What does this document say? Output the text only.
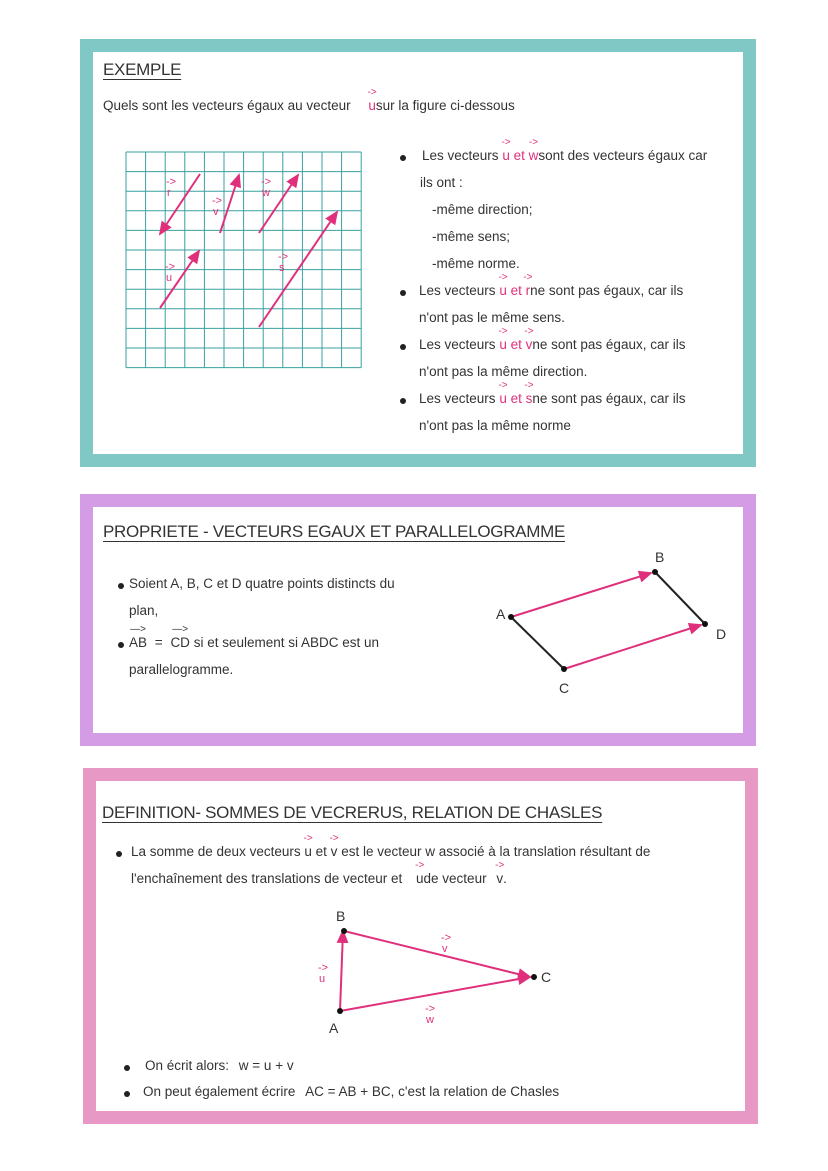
EXEMPLE
Quels sont les vecteurs égaux au vecteur
->
usur la figure ci-dessous
->
r
->
v
->
w
->
u
->
s
Les vecteurs
->
u et
->
wsont des vecteurs égaux car
ils ont :
-même direction;
-même sens;
-même norme.
Les vecteurs
->
u et
->
rne sont pas égaux, car ils
n'ont pas le même sens.
Les vecteurs
->
u et
->
vne sont pas égaux, car ils
n'ont pas la même direction.
Les vecteurs
->
u et
->
sne sont pas égaux, car ils
n'ont pas la même norme
PROPRIETE - VECTEURS EGAUX ET PARALLELOGRAMME
Soient A, B, C et D quatre points distincts du
plan,
—>
AB =
—>
CD si et seulement si ABDC est un
parallelogramme.
A
B
C
D
DEFINITION- SOMMES DE VECRERUS, RELATION DE CHASLES
La somme de deux vecteurs
->
u et
->
v est le vecteur w associé à la translation résultant de
l'enchaînement des translations de vecteur et
->
ude vecteur
->
v.
A
B
C
->
u
->
v
->
w
On écrit alors: w = u + v
On peut également écrire AC = AB + BC, c'est la relation de Chasles
